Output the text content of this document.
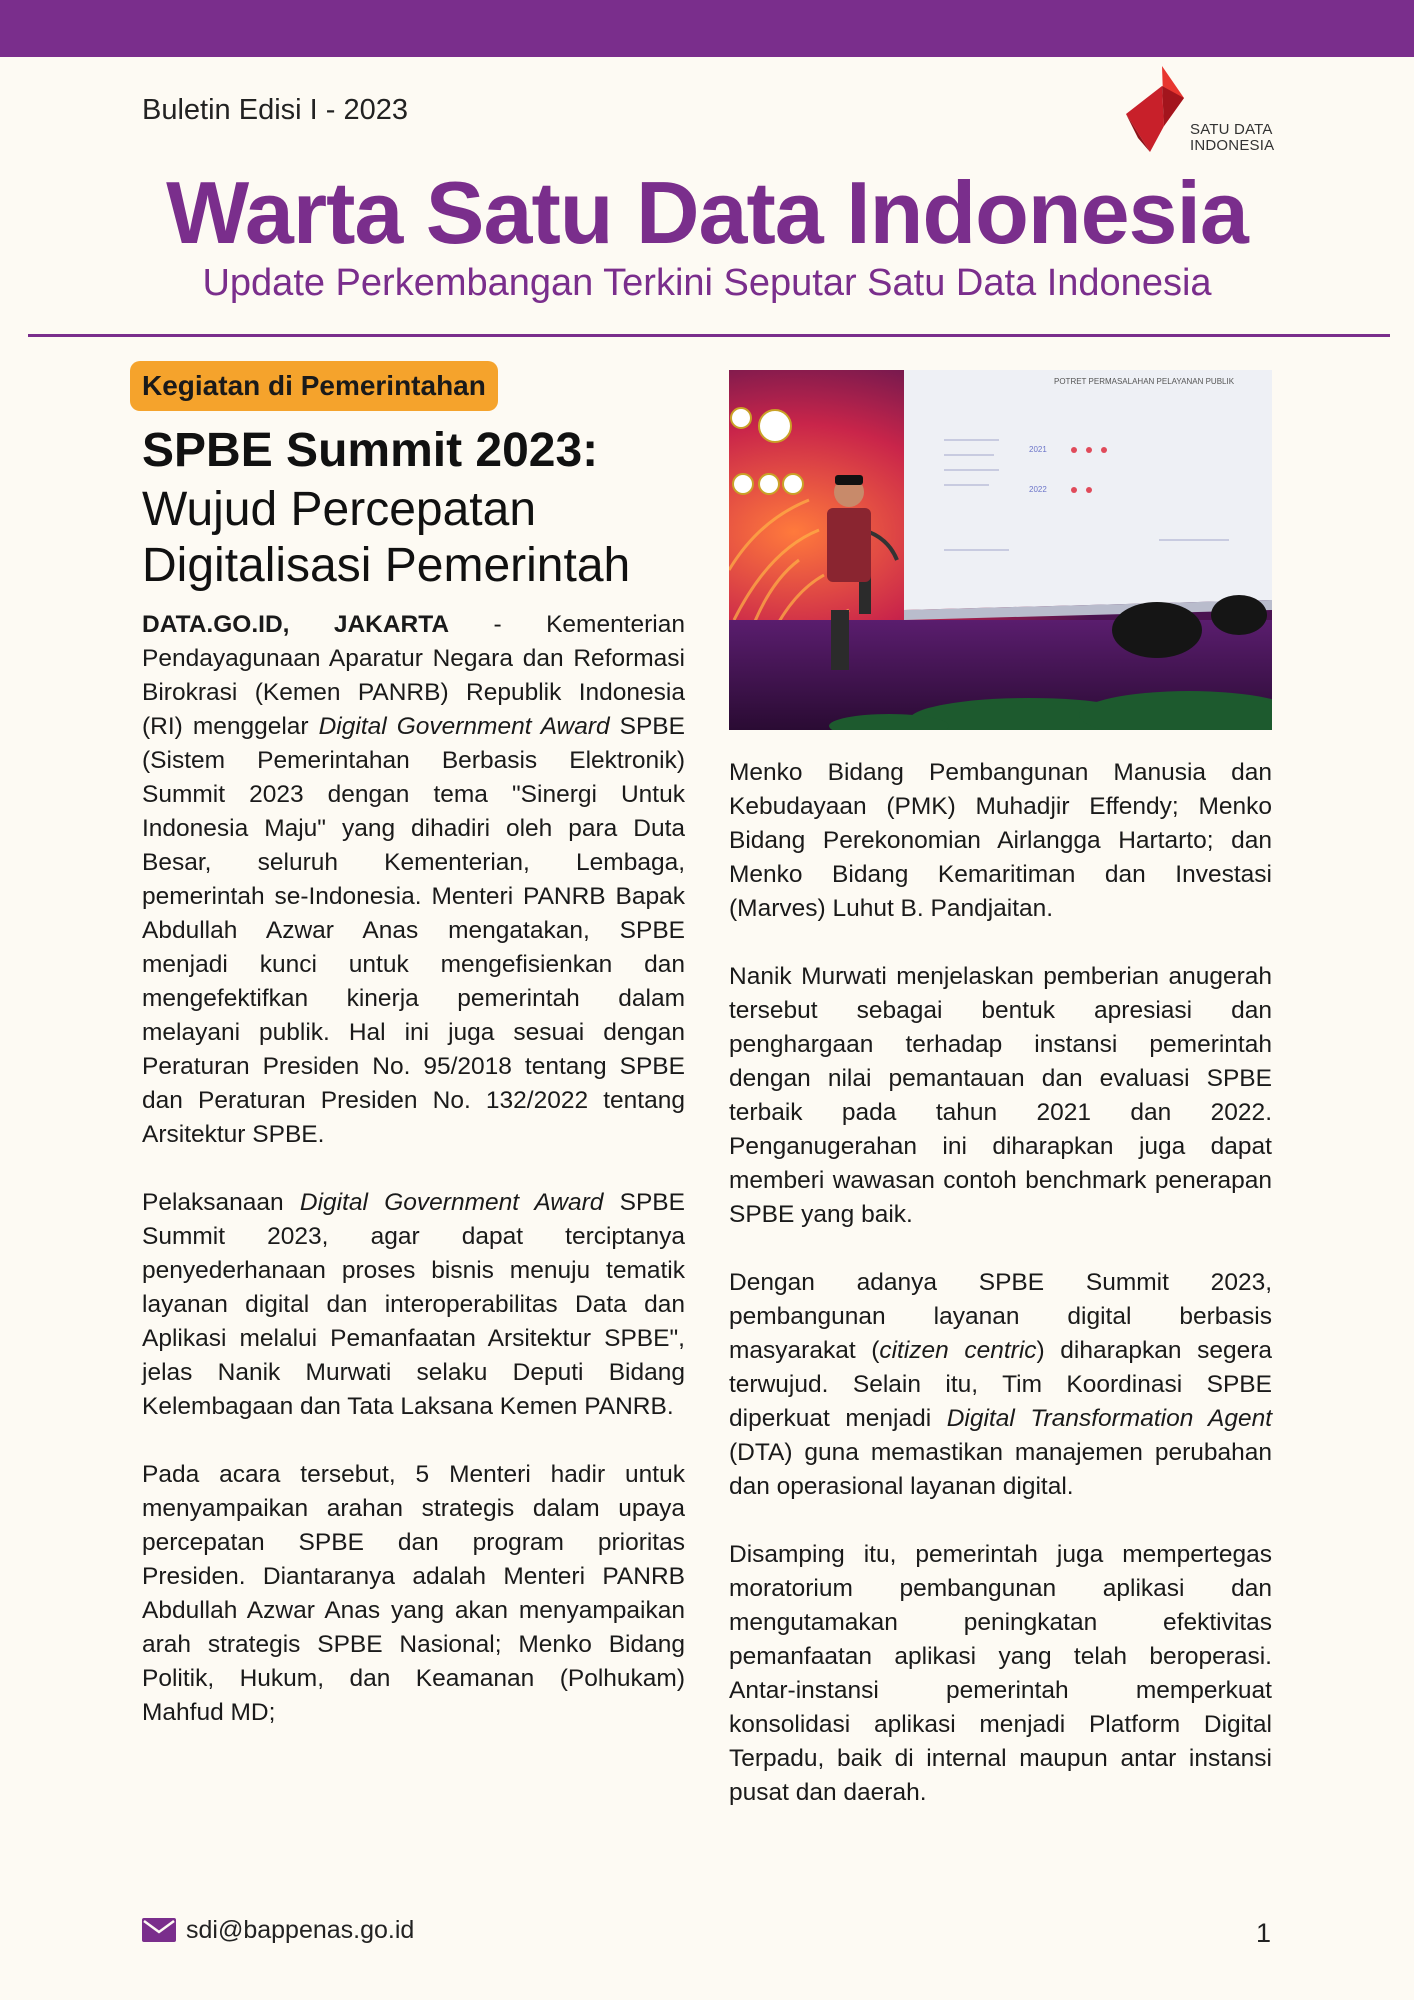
Buletin Edisi I - 2023
SATU DATA
INDONESIA
Warta Satu Data Indonesia
Update Perkembangan Terkini Seputar Satu Data Indonesia
Kegiatan di Pemerintahan
SPBE Summit 2023:
Wujud Percepatan Digitalisasi Pemerintah

DATA.GO.ID, JAKARTA - Kementerian Pendayagunaan Aparatur Negara dan Reformasi Birokrasi (Kemen PANRB) Republik Indonesia (RI) menggelar Digital Government Award SPBE (Sistem Pemerintahan Berbasis Elektronik) Summit 2023 dengan tema "Sinergi Untuk Indonesia Maju" yang dihadiri oleh para Duta Besar, seluruh Kementerian, Lembaga, pemerintah se-Indonesia. Menteri PANRB Bapak Abdullah Azwar Anas mengatakan, SPBE menjadi kunci untuk mengefisienkan dan mengefektifkan kinerja pemerintah dalam melayani publik. Hal ini juga sesuai dengan Peraturan Presiden No. 95/2018 tentang SPBE dan Peraturan Presiden No. 132/2022 tentang Arsitektur SPBE.

Pelaksanaan Digital Government Award SPBE Summit 2023, agar dapat terciptanya penyederhanaan proses bisnis menuju tematik layanan digital dan interoperabilitas Data dan Aplikasi melalui Pemanfaatan Arsitektur SPBE", jelas Nanik Murwati selaku Deputi Bidang Kelembagaan dan Tata Laksana Kemen PANRB.

Pada acara tersebut, 5 Menteri hadir untuk menyampaikan arahan strategis dalam upaya percepatan SPBE dan program prioritas Presiden. Diantaranya adalah Menteri PANRB Abdullah Azwar Anas yang akan menyampaikan arah strategis SPBE Nasional; Menko Bidang Politik, Hukum, dan Keamanan (Polhukam) Mahfud MD;

POTRET PERMASALAHAN PELAYANAN PUBLIK
2021
2022

Menko Bidang Pembangunan Manusia dan Kebudayaan (PMK) Muhadjir Effendy; Menko Bidang Perekonomian Airlangga Hartarto; dan Menko Bidang Kemaritiman dan Investasi (Marves) Luhut B. Pandjaitan.

Nanik Murwati menjelaskan pemberian anugerah tersebut sebagai bentuk apresiasi dan penghargaan terhadap instansi pemerintah dengan nilai pemantauan dan evaluasi SPBE terbaik pada tahun 2021 dan 2022. Penganugerahan ini diharapkan juga dapat memberi wawasan contoh benchmark penerapan SPBE yang baik.

Dengan adanya SPBE Summit 2023, pembangunan layanan digital berbasis masyarakat (citizen centric) diharapkan segera terwujud. Selain itu, Tim Koordinasi SPBE diperkuat menjadi Digital Transformation Agent (DTA) guna memastikan manajemen perubahan dan operasional layanan digital.

Disamping itu, pemerintah juga mempertegas moratorium pembangunan aplikasi dan mengutamakan peningkatan efektivitas pemanfaatan aplikasi yang telah beroperasi. Antar-instansi pemerintah memperkuat konsolidasi aplikasi menjadi Platform Digital Terpadu, baik di internal maupun antar instansi pusat dan daerah.

sdi@bappenas.go.id	1
